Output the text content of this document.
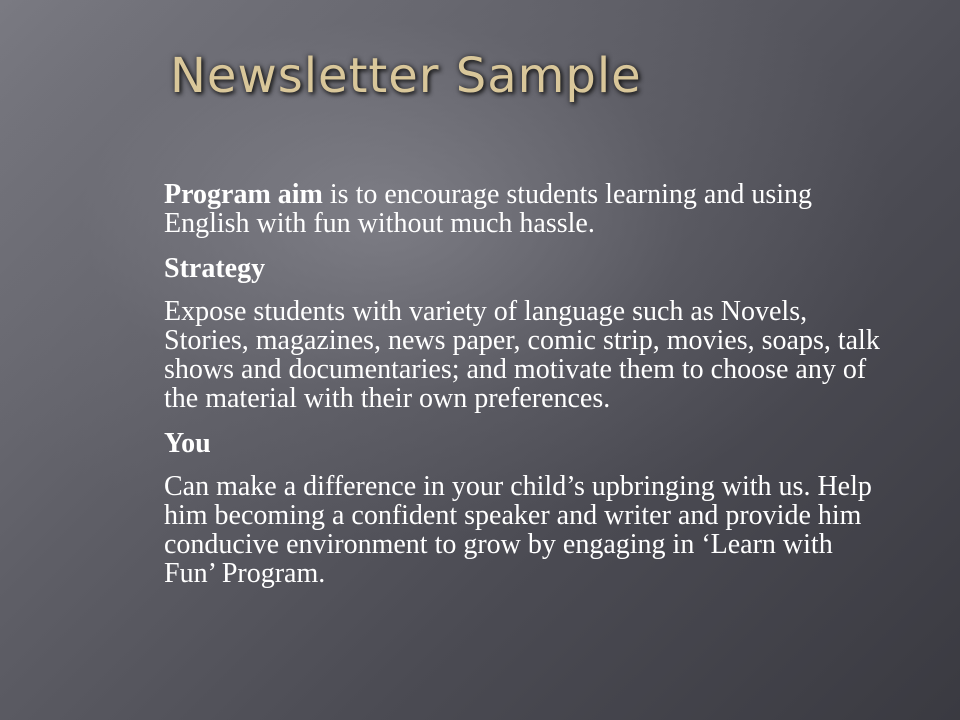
Newsletter Sample

Program aim is to encourage students learning and using English with fun without much hassle.

Strategy

Expose students with variety of language such as Novels, Stories, magazines, news paper, comic strip, movies, soaps, talk shows and documentaries; and motivate them to choose any of the material with their own preferences.

You

Can make a difference in your child’s upbringing with us. Help him becoming a confident speaker and writer and provide him conducive environment to grow by engaging in ‘Learn with Fun’ Program.
